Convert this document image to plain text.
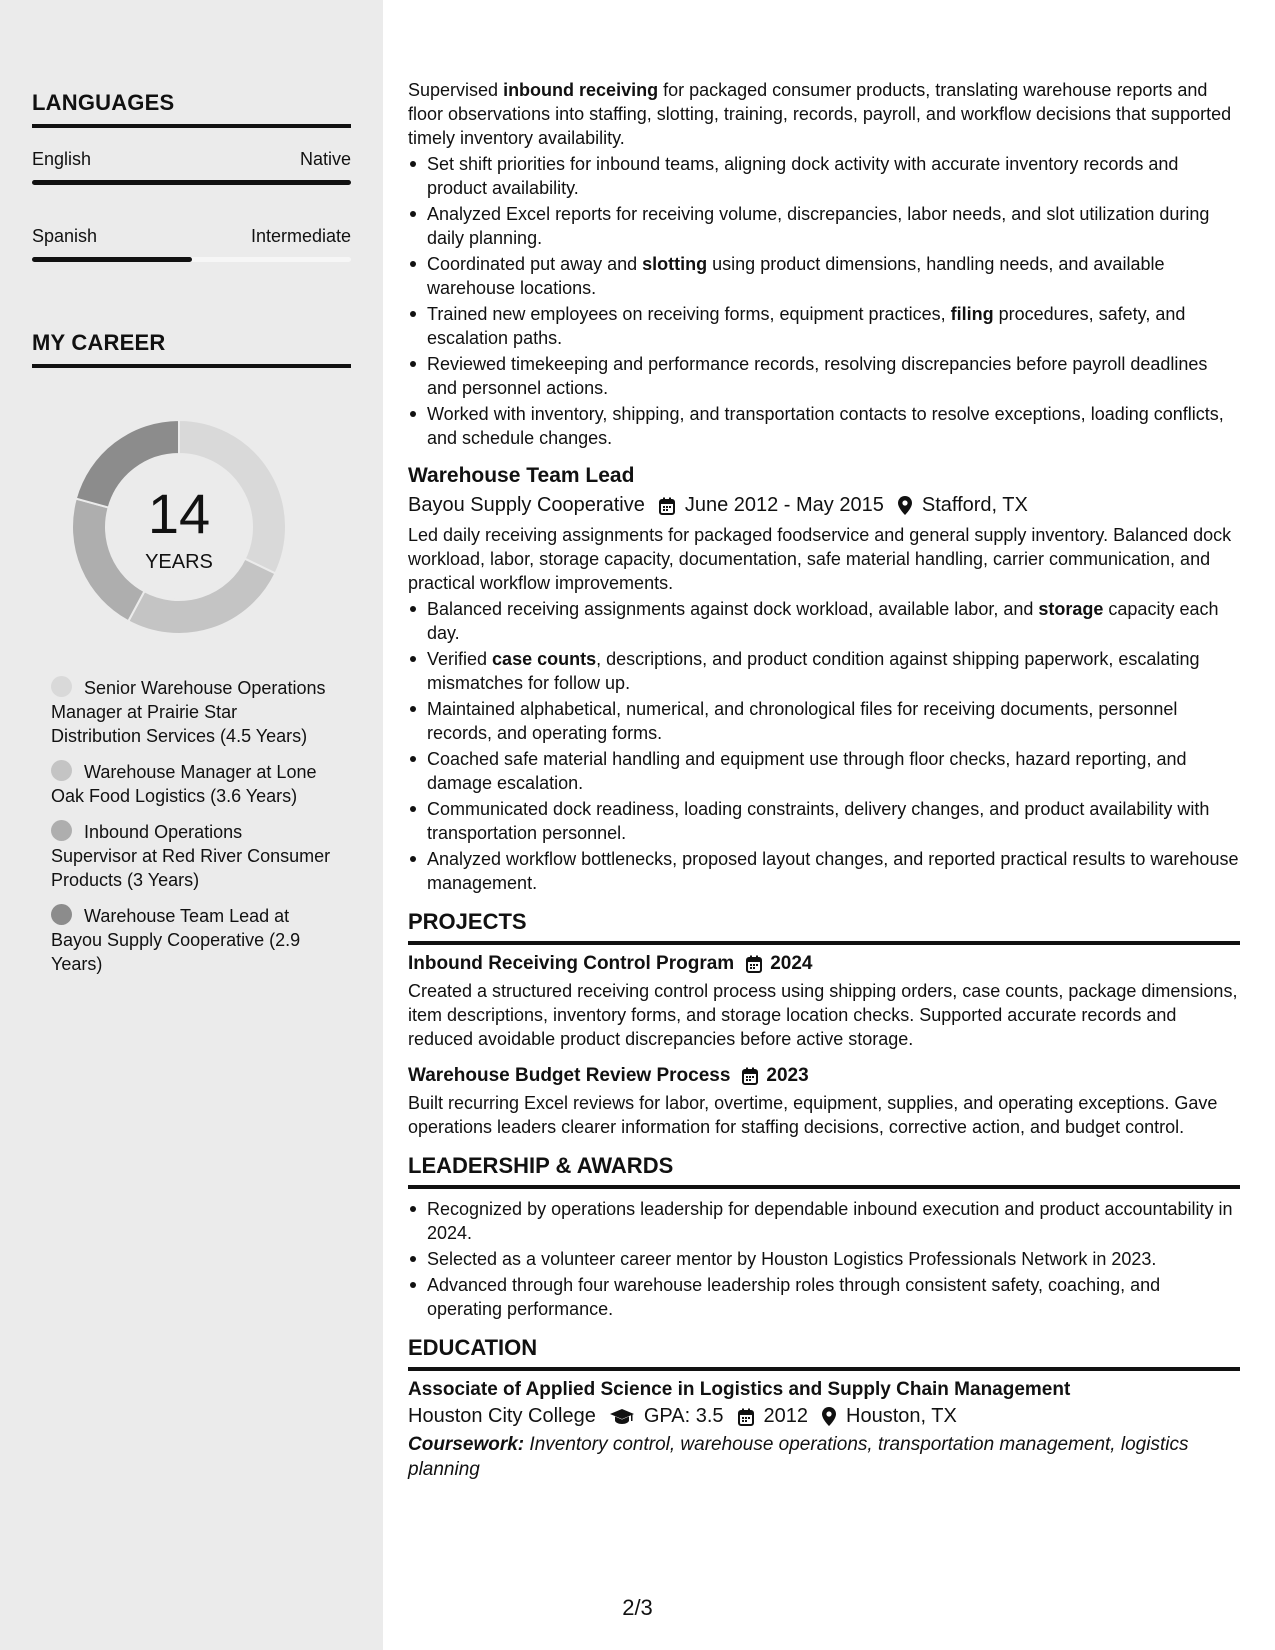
LANGUAGES
English	Native
Spanish	Intermediate
MY CAREER
14
YEARS
Senior Warehouse Operations Manager at Prairie Star Distribution Services (4.5 Years)
Warehouse Manager at Lone Oak Food Logistics (3.6 Years)
Inbound Operations Supervisor at Red River Consumer Products (3 Years)
Warehouse Team Lead at Bayou Supply Cooperative (2.9 Years)

Supervised inbound receiving for packaged consumer products, translating warehouse reports and floor observations into staffing, slotting, training, records, payroll, and workflow decisions that supported timely inventory availability.

Set shift priorities for inbound teams, aligning dock activity with accurate inventory records and product availability.
Analyzed Excel reports for receiving volume, discrepancies, labor needs, and slot utilization during daily planning.
Coordinated put away and slotting using product dimensions, handling needs, and available warehouse locations.
Trained new employees on receiving forms, equipment practices, filing procedures, safety, and escalation paths.
Reviewed timekeeping and performance records, resolving discrepancies before payroll deadlines and personnel actions.
Worked with inventory, shipping, and transportation contacts to resolve exceptions, loading conflicts, and schedule changes.
Warehouse Team Lead
Bayou Supply Cooperative June 2012 - May 2015 Stafford, TX

Led daily receiving assignments for packaged foodservice and general supply inventory. Balanced dock workload, labor, storage capacity, documentation, safe material handling, carrier communication, and practical workflow improvements.

Balanced receiving assignments against dock workload, available labor, and storage capacity each day.
Verified case counts, descriptions, and product condition against shipping paperwork, escalating mismatches for follow up.
Maintained alphabetical, numerical, and chronological files for receiving documents, personnel records, and operating forms.
Coached safe material handling and equipment use through floor checks, hazard reporting, and damage escalation.
Communicated dock readiness, loading constraints, delivery changes, and product availability with transportation personnel.
Analyzed workflow bottlenecks, proposed layout changes, and reported practical results to warehouse management.
PROJECTS
Inbound Receiving Control Program 2024

Created a structured receiving control process using shipping orders, case counts, package dimensions, item descriptions, inventory forms, and storage location checks. Supported accurate records and reduced avoidable product discrepancies before active storage.

Warehouse Budget Review Process 2023

Built recurring Excel reviews for labor, overtime, equipment, supplies, and operating exceptions. Gave operations leaders clearer information for staffing decisions, corrective action, and budget control.

LEADERSHIP & AWARDS
Recognized by operations leadership for dependable inbound execution and product accountability in 2024.
Selected as a volunteer career mentor by Houston Logistics Professionals Network in 2023.
Advanced through four warehouse leadership roles through consistent safety, coaching, and operating performance.
EDUCATION
Associate of Applied Science in Logistics and Supply Chain Management
Houston City College GPA: 3.5 2012 Houston, TX

Coursework: Inventory control, warehouse operations, transportation management, logistics planning

2/3
